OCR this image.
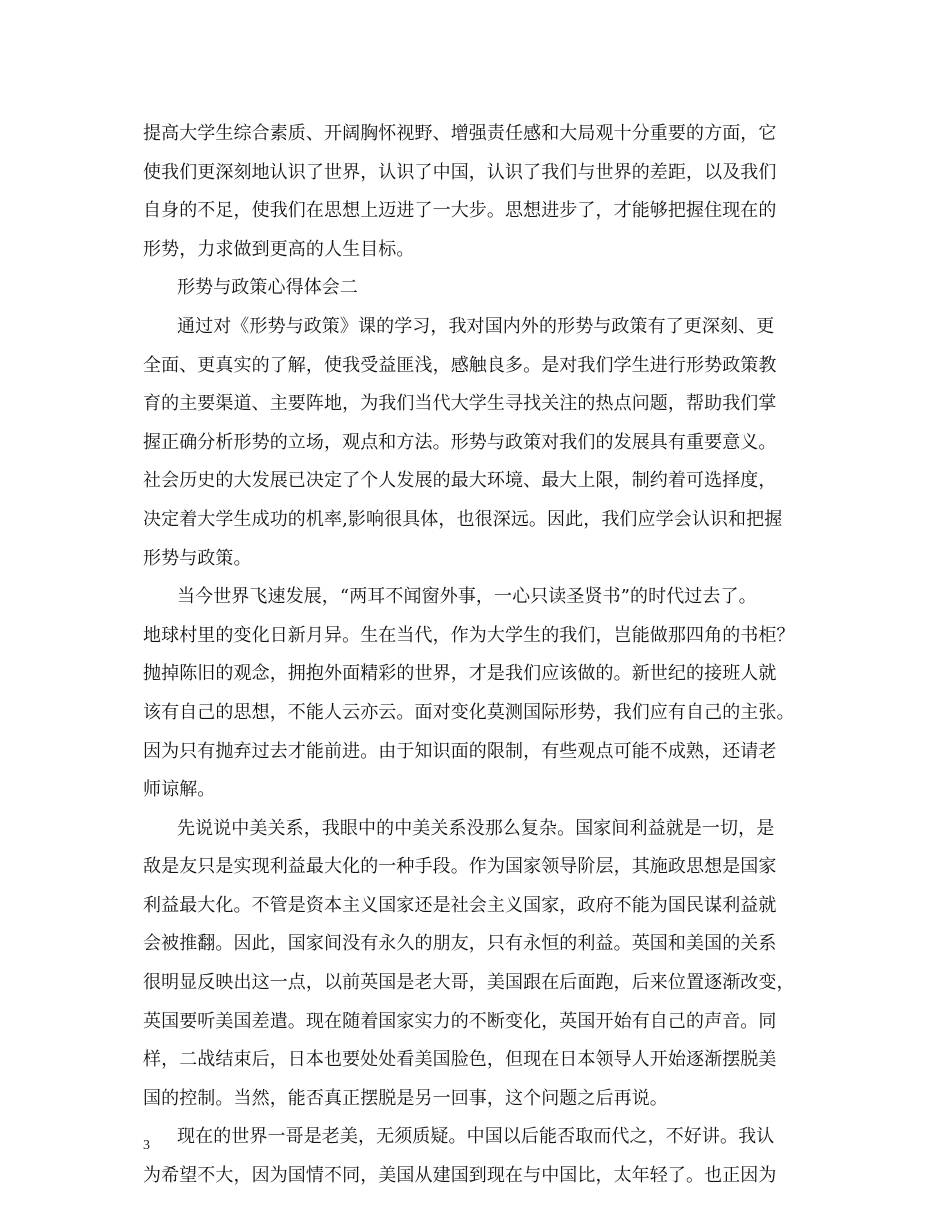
提高大学生综合素质、开阔胸怀视野、增强责任感和大局观十分重要的方面，它
使我们更深刻地认识了世界，认识了中国，认识了我们与世界的差距，以及我们
自身的不足，使我们在思想上迈进了一大步。思想进步了，才能够把握住现在的
形势，力求做到更高的人生目标。
形势与政策心得体会二
通过对《形势与政策》课的学习，我对国内外的形势与政策有了更深刻、更
全面、更真实的了解，使我受益匪浅，感触良多。是对我们学生进行形势政策教
育的主要渠道、主要阵地，为我们当代大学生寻找关注的热点问题，帮助我们掌
握正确分析形势的立场，观点和方法。形势与政策对我们的发展具有重要意义。
社会历史的大发展已决定了个人发展的最大环境、最大上限，制约着可选择度，
决定着大学生成功的机率,影响很具体，也很深远。因此，我们应学会认识和把握
形势与政策。
当今世界飞速发展，“两耳不闻窗外事，一心只读圣贤书”的时代过去了。
地球村里的变化日新月异。生在当代，作为大学生的我们，岂能做那四角的书柜？
抛掉陈旧的观念，拥抱外面精彩的世界，才是我们应该做的。新世纪的接班人就
该有自己的思想，不能人云亦云。面对变化莫测国际形势，我们应有自己的主张。
因为只有抛弃过去才能前进。由于知识面的限制，有些观点可能不成熟，还请老
师谅解。
先说说中美关系，我眼中的中美关系没那么复杂。国家间利益就是一切，是
敌是友只是实现利益最大化的一种手段。作为国家领导阶层，其施政思想是国家
利益最大化。不管是资本主义国家还是社会主义国家，政府不能为国民谋利益就
会被推翻。因此，国家间没有永久的朋友，只有永恒的利益。英国和美国的关系
很明显反映出这一点，以前英国是老大哥，美国跟在后面跑，后来位置逐渐改变，
英国要听美国差遣。现在随着国家实力的不断变化，英国开始有自己的声音。同
样，二战结束后，日本也要处处看美国脸色，但现在日本领导人开始逐渐摆脱美
国的控制。当然，能否真正摆脱是另一回事，这个问题之后再说。
现在的世界一哥是老美，无须质疑。中国以后能否取而代之，不好讲。我认
为希望不大，因为国情不同，美国从建国到现在与中国比，太年轻了。也正因为
3
